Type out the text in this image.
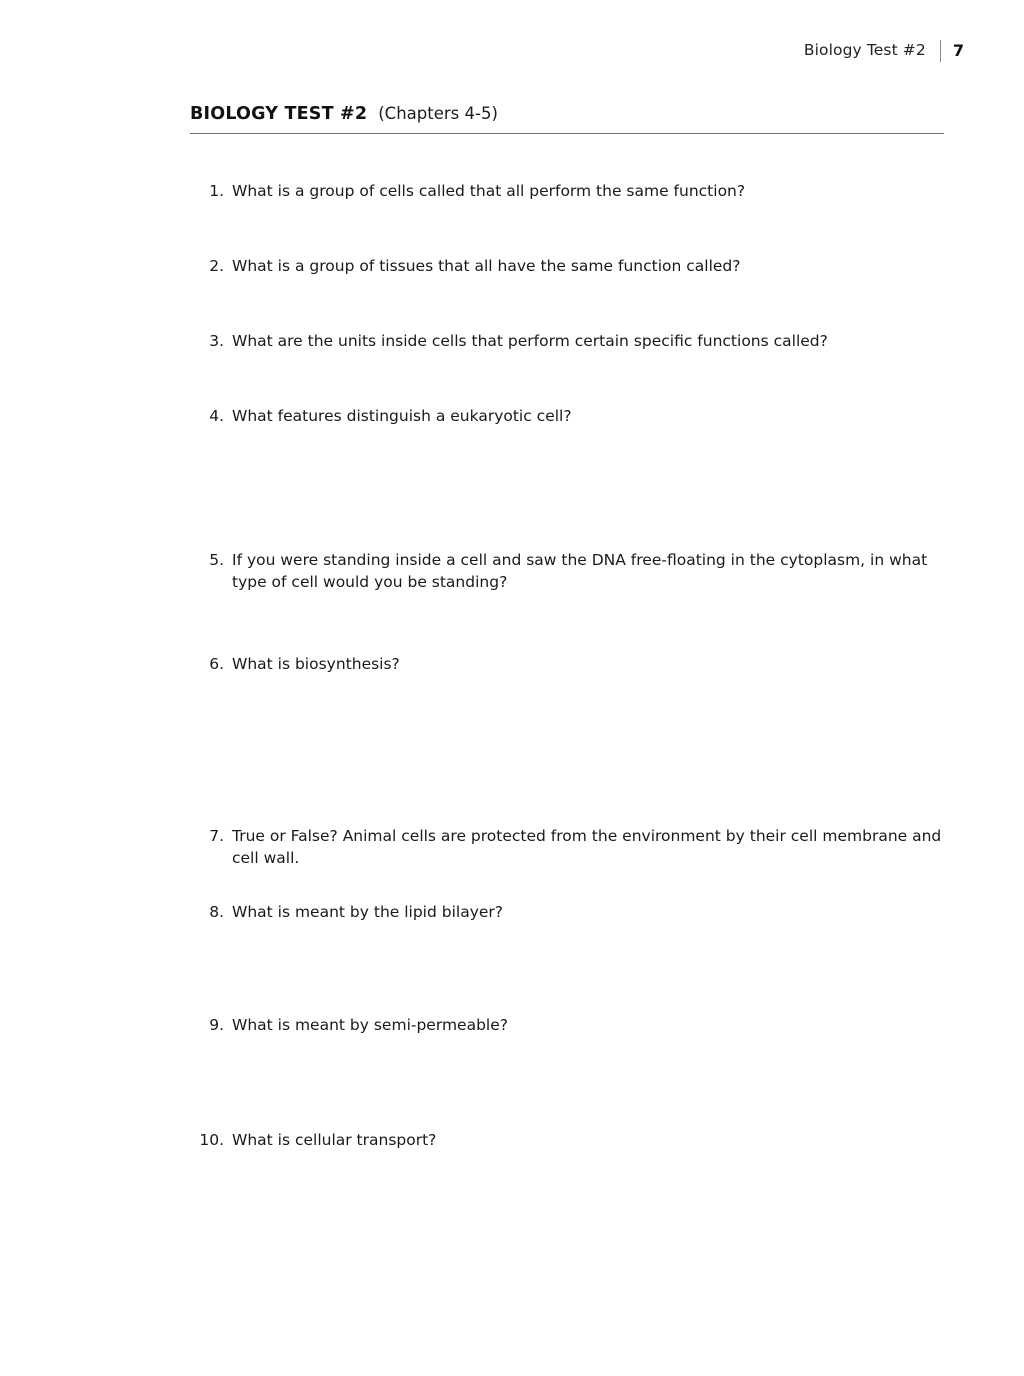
Biology Test #2 7
BIOLOGY TEST #2 (Chapters 4-5)
1. What is a group of cells called that all perform the same function?
2. What is a group of tissues that all have the same function called?
3. What are the units inside cells that perform certain specific functions called?
4. What features distinguish a eukaryotic cell?
5. If you were standing inside a cell and saw the DNA free-floating in the cytoplasm, in what type of cell would you be standing?
6. What is biosynthesis?
7. True or False? Animal cells are protected from the environment by their cell membrane and cell wall.
8. What is meant by the lipid bilayer?
9. What is meant by semi-permeable?
10. What is cellular transport?
